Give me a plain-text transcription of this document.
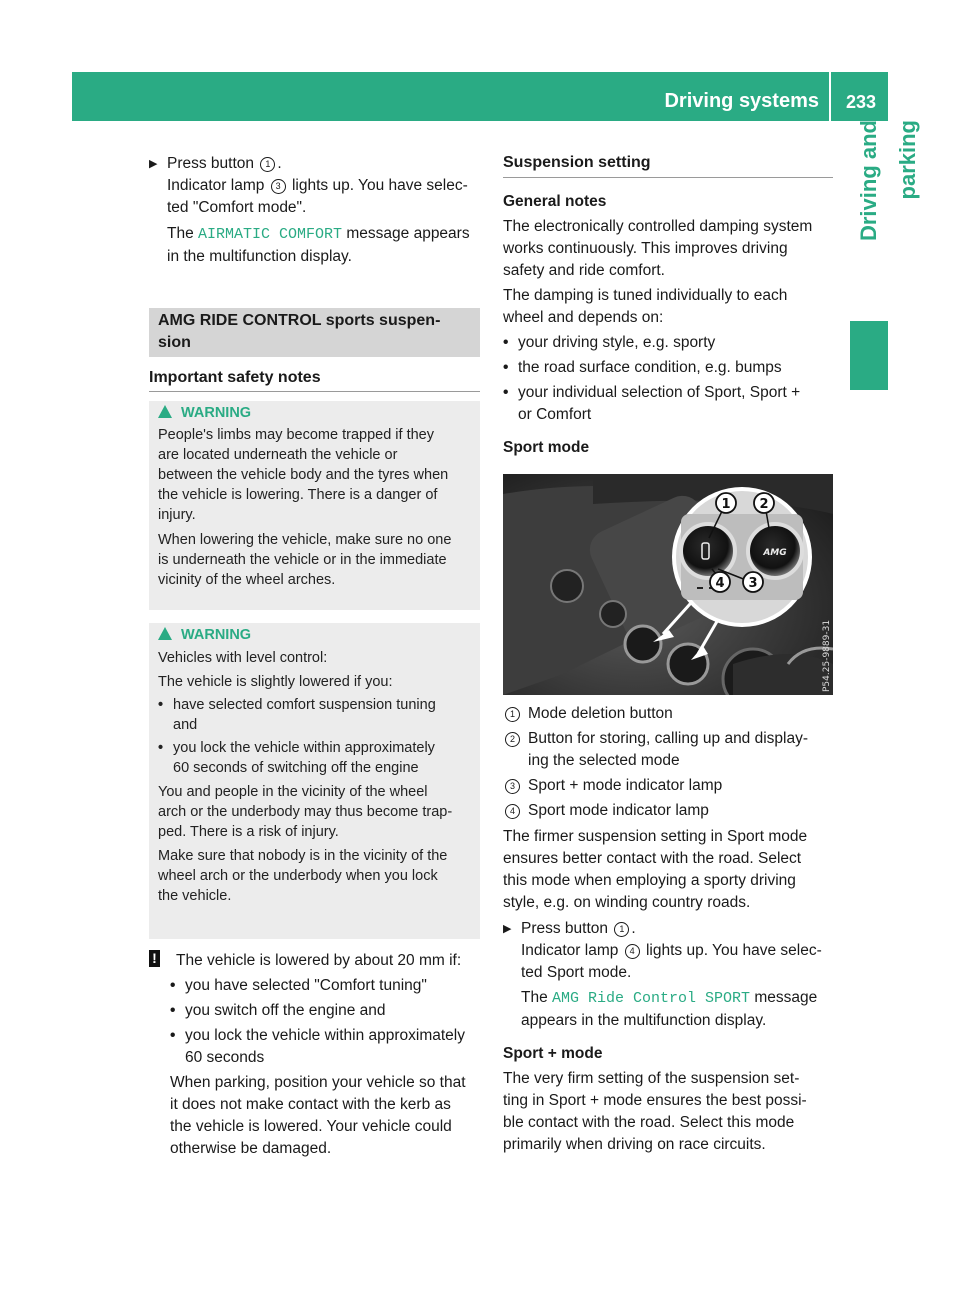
Driving systems 233
Driving and parking
▶ Press button 1 .
Indicator lamp 3 lights up. You have selec-
ted "Comfort mode".
The AIRMATIC COMFORT message appears
in the multifunction display.
AMG RIDE CONTROL sports suspen-
sion
Important safety notes
WARNING
People's limbs may become trapped if they
are located underneath the vehicle or
between the vehicle body and the tyres when
the vehicle is lowering. There is a danger of
injury.
When lowering the vehicle, make sure no one
is underneath the vehicle or in the immediate
vicinity of the wheel arches.
WARNING
Vehicles with level control:
The vehicle is slightly lowered if you:
• have selected comfort suspension tuning
and
• you lock the vehicle within approximately
60 seconds of switching off the engine
You and people in the vicinity of the wheel
arch or the underbody may thus become trap-
ped. There is a risk of injury.
Make sure that nobody is in the vicinity of the
wheel arch or the underbody when you lock
the vehicle.
! The vehicle is lowered by about 20 mm if:
• you have selected "Comfort tuning"
• you switch off the engine and
• you lock the vehicle within approximately
60 seconds
When parking, position your vehicle so that
it does not make contact with the kerb as
the vehicle is lowered. Your vehicle could
otherwise be damaged.
Suspension setting
General notes
The electronically controlled damping system
works continuously. This improves driving
safety and ride comfort.
The damping is tuned individually to each
wheel and depends on:
• your driving style, e.g. sporty
• the road surface condition, e.g. bumps
• your individual selection of Sport, Sport +
or Comfort
Sport mode
AMG
1 2
3
4
P54.25-9889-31
1 Mode deletion button
2 Button for storing, calling up and display-
ing the selected mode
3 Sport + mode indicator lamp
4 Sport mode indicator lamp
The firmer suspension setting in Sport mode
ensures better contact with the road. Select
this mode when employing a sporty driving
style, e.g. on winding country roads.
▶ Press button 1 .
Indicator lamp 4 lights up. You have selec-
ted Sport mode.
The AMG Ride Control SPORT message
appears in the multifunction display.
Sport + mode
The very firm setting of the suspension set-
ting in Sport + mode ensures the best possi-
ble contact with the road. Select this mode
primarily when driving on race circuits.
